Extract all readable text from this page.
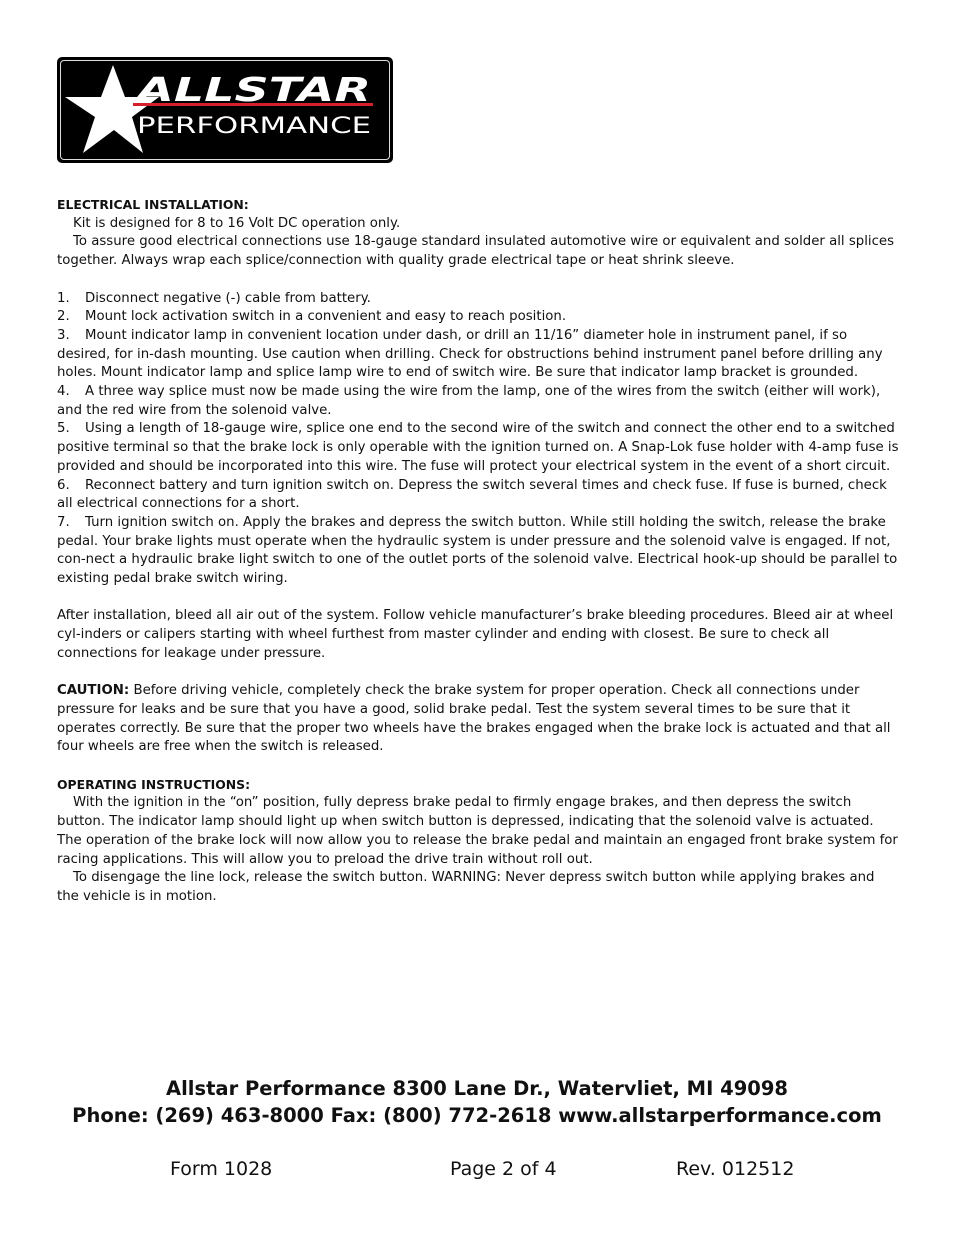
ALLSTAR
PERFORMANCE

ELECTRICAL INSTALLATION:

Kit is designed for 8 to 16 Volt DC operation only.

To assure good electrical connections use 18-gauge standard insulated automotive wire or equivalent and solder all splices together. Always wrap each splice/connection with quality grade electrical tape or heat shrink sleeve.

1. Disconnect negative (-) cable from battery.
2. Mount lock activation switch in a convenient and easy to reach position.
3. Mount indicator lamp in convenient location under dash, or drill an 11/16” diameter hole in instrument panel, if so desired, for in-dash mounting. Use caution when drilling. Check for obstructions behind instrument panel before drilling any holes. Mount indicator lamp and splice lamp wire to end of switch wire. Be sure that indicator lamp bracket is grounded.
4. A three way splice must now be made using the wire from the lamp, one of the wires from the switch (either will work), and the red wire from the solenoid valve.
5. Using a length of 18-gauge wire, splice one end to the second wire of the switch and connect the other end to a switched positive terminal so that the brake lock is only operable with the ignition turned on. A Snap-Lok fuse holder with 4-amp fuse is provided and should be incorporated into this wire. The fuse will protect your electrical system in the event of a short circuit.
6. Reconnect battery and turn ignition switch on. Depress the switch several times and check fuse. If fuse is burned, check all electrical connections for a short.
7. Turn ignition switch on. Apply the brakes and depress the switch button. While still holding the switch, release the brake pedal. Your brake lights must operate when the hydraulic system is under pressure and the solenoid valve is engaged. If not, con-nect a hydraulic brake light switch to one of the outlet ports of the solenoid valve. Electrical hook-up should be parallel to existing pedal brake switch wiring.

After installation, bleed all air out of the system. Follow vehicle manufacturer’s brake bleeding procedures. Bleed air at wheel cyl-inders or calipers starting with wheel furthest from master cylinder and ending with closest. Be sure to check all connections for leakage under pressure.

CAUTION: Before driving vehicle, completely check the brake system for proper operation. Check all connections under pressure for leaks and be sure that you have a good, solid brake pedal. Test the system several times to be sure that it operates correctly. Be sure that the proper two wheels have the brakes engaged when the brake lock is actuated and that all four wheels are free when the switch is released.

OPERATING INSTRUCTIONS:

With the ignition in the “on” position, fully depress brake pedal to firmly engage brakes, and then depress the switch button. The indicator lamp should light up when switch button is depressed, indicating that the solenoid valve is actuated. The operation of the brake lock will now allow you to release the brake pedal and maintain an engaged front brake system for racing applications. This will allow you to preload the drive train without roll out.

To disengage the line lock, release the switch button. WARNING: Never depress switch button while applying brakes and the vehicle is in motion.

Allstar Performance 8300 Lane Dr., Watervliet, MI 49098
Phone: (269) 463-8000 Fax: (800) 772-2618 www.allstarperformance.com
Form 1028	Page 2 of 4	Rev. 012512
